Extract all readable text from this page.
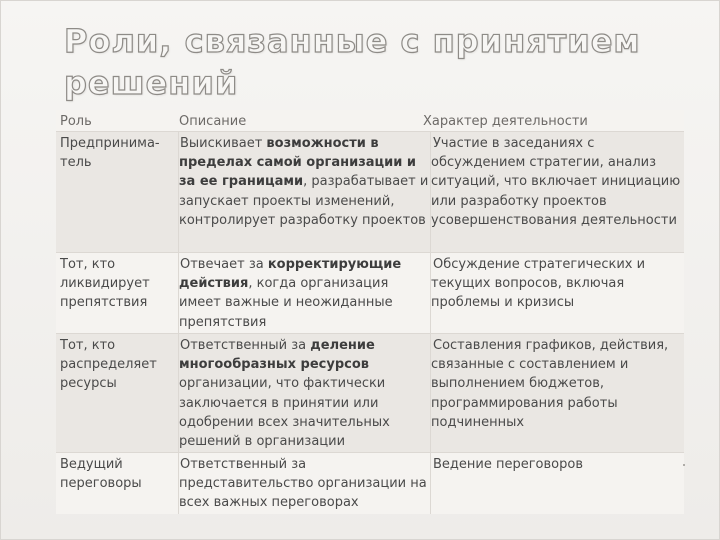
Роли, связанные с принятием решений
Роль	Описание	Характер деятельности
Предпринима-тель
Выискивает возможности в пределах самой организации и за ее границами, разрабатывает и запускает проекты изменений, контролирует разработку проектов
Участие в заседаниях с обсуждением стратегии, анализ ситуаций, что включает инициацию или разработку проектов усовершенствования деятельности
Тот, кто ликвидирует препятствия
Отвечает за корректирующие действия, когда организация имеет важные и неожиданные препятствия
Обсуждение стратегических и текущих вопросов, включая проблемы и кризисы
Тот, кто распределяет ресурсы
Ответственный за деление многообразных ресурсов организации, что фактически заключается в принятии или одобрении всех значительных решений в организации
Составления графиков, действия, связанные с составлением и выполнением бюджетов, программирования работы подчиненных
Ведущий переговоры
Ответственный за представительство организации на всех важных переговорах
Ведение переговоров
